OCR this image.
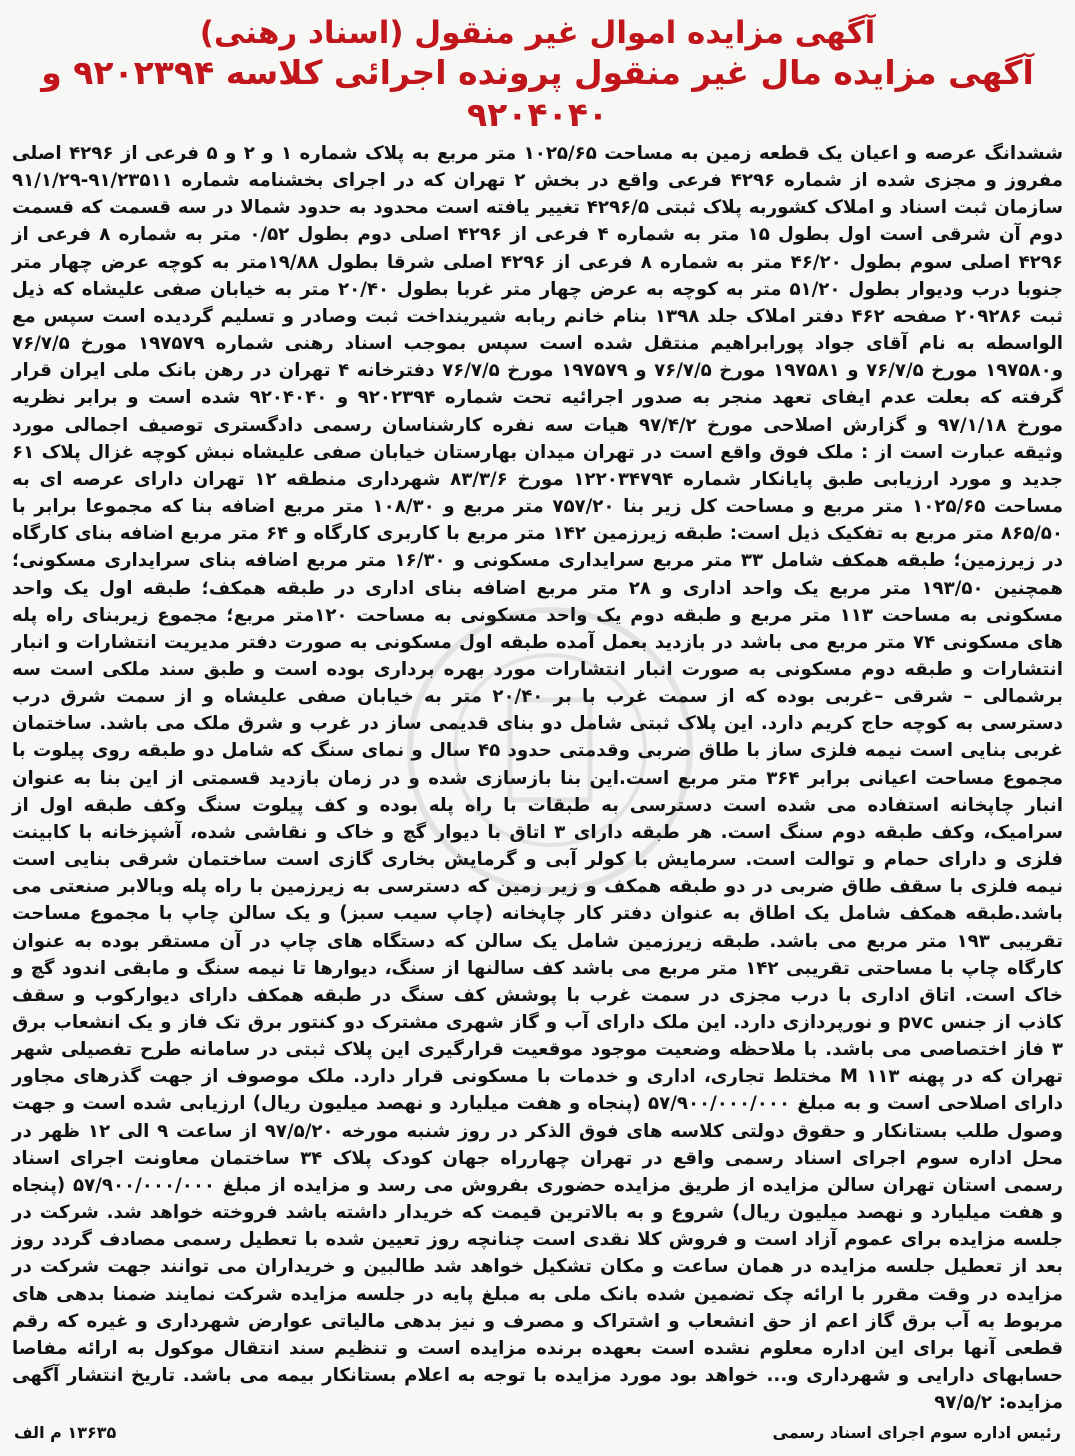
آگهی مزایده اموال غیر منقول (اسناد رهنی)
آگهی مزایده مال غیر منقول پرونده اجرائی کلاسه ۹۲۰۲۳۹۴ و ۹۲۰۴۰۴۰

ششدانگ عرصه و اعیان یک قطعه زمین به مساحت ۱۰۲۵/۶۵ متر مربع به پلاک شماره ۱ و ۲ و ۵ فرعی از ۴۲۹۶ اصلی مفروز و مجزی شده از شماره ۴۲۹۶ فرعی واقع در بخش ۲ تهران که در اجرای بخشنامه شماره ۹۱/۲۳۵۱۱-۹۱/۱/۲۹ سازمان ثبت اسناد و املاک کشوربه پلاک ثبتی ۴۲۹۶/۵ تغییر یافته است محدود به حدود شمالا در سه قسمت که قسمت دوم آن شرقی است اول بطول ۱۵ متر به شماره ۴ فرعی از ۴۲۹۶ اصلی دوم بطول ۰/۵۲ متر به شماره ۸ فرعی از ۴۲۹۶ اصلی سوم بطول ۴۶/۲۰ متر به شماره ۸ فرعی از ۴۲۹۶ اصلی شرقا بطول ۱۹/۸۸متر به کوچه عرض چهار متر جنوبا درب ودیوار بطول ۵۱/۲۰ متر به کوچه به عرض چهار متر غربا بطول ۲۰/۴۰ متر به خیابان صفی علیشاه که ذیل ثبت ۲۰۹۲۸۶ صفحه ۴۶۲ دفتر املاک جلد ۱۳۹۸ بنام خانم ربابه شیرینداخت ثبت وصادر و تسلیم گردیده است سپس مع الواسطه به نام آقای جواد پورابراهیم منتقل شده است سپس بموجب اسناد رهنی شماره ۱۹۷۵۷۹ مورخ ۷۶/۷/۵ و۱۹۷۵۸۰ مورخ ۷۶/۷/۵ و ۱۹۷۵۸۱ مورخ ۷۶/۷/۵ و ۱۹۷۵۷۹ مورخ ۷۶/۷/۵ دفترخانه ۴ تهران در رهن بانک ملی ایران قرار گرفته که بعلت عدم ایفای تعهد منجر به صدور اجرائیه تحت شماره ۹۲۰۲۳۹۴ و ۹۲۰۴۰۴۰ شده است و برابر نظریه مورخ ۹۷/۱/۱۸ و گزارش اصلاحی مورخ ۹۷/۴/۲ هیات سه نفره کارشناسان رسمی دادگستری توصیف اجمالی مورد وثیقه عبارت است از : ملک فوق واقع است در تهران میدان بهارستان خیابان صفی علیشاه نبش کوچه غزال پلاک ۶۱ جدید و مورد ارزیابی طبق پایانکار شماره ۱۲۲۰۳۴۷۹۴ مورخ ۸۳/۳/۶ شهرداری منطقه ۱۲ تهران دارای عرصه ای به مساحت ۱۰۲۵/۶۵ متر مربع و مساحت کل زیر بنا ۷۵۷/۲۰ متر مربع و ۱۰۸/۳۰ متر مربع اضافه بنا که مجموعا برابر با ۸۶۵/۵۰ متر مربع به تفکیک ذیل است: طبقه زیرزمین ۱۴۲ متر مربع با کاربری کارگاه و ۶۴ متر مربع اضافه بنای کارگاه در زیرزمین؛ طبقه همکف شامل ۳۳ متر مربع سرایداری مسکونی و ۱۶/۳۰ متر مربع اضافه بنای سرایداری مسکونی؛ همچنین ۱۹۳/۵۰ متر مربع یک واحد اداری و ۲۸ متر مربع اضافه بنای اداری در طبقه همکف؛ طبقه اول یک واحد مسکونی به مساحت ۱۱۳ متر مربع و طبقه دوم یک واحد مسکونی به مساحت ۱۲۰متر مربع؛ مجموع زیربنای راه پله های مسکونی ۷۴ متر مربع می باشد در بازدید بعمل آمده طبقه اول مسکونی به صورت دفتر مدیریت انتشارات و انبار انتشارات و طبقه دوم مسکونی به صورت انبار انتشارات مورد بهره برداری بوده است و طبق سند ملکی است سه برشمالی – شرقی –غربی بوده که از سمت غرب با بر ۲۰/۴۰ متر به خیابان صفی علیشاه و از سمت شرق درب دسترسی به کوچه حاج کریم دارد. این پلاک ثبتی شامل دو بنای قدیمی ساز در غرب و شرق ملک می باشد. ساختمان غربی بنایی است نیمه فلزی ساز با طاق ضربی وقدمتی حدود ۴۵ سال و نمای سنگ که شامل دو طبقه روی پیلوت با مجموع مساحت اعیانی برابر ۳۶۴ متر مربع است.این بنا بازسازی شده و در زمان بازدید قسمتی از این بنا به عنوان انبار چاپخانه استفاده می شده است دسترسی به طبقات با راه پله بوده و کف پیلوت سنگ وکف طبقه اول از سرامیک، وکف طبقه دوم سنگ است. هر طبقه دارای ۳ اتاق با دیوار گچ و خاک و نقاشی شده، آشپزخانه با کابینت فلزی و دارای حمام و توالت است. سرمایش با کولر آبی و گرمایش بخاری گازی است ساختمان شرقی بنایی است نیمه فلزی با سقف طاق ضربی در دو طبقه همکف و زیر زمین که دسترسی به زیرزمین با راه پله وبالابر صنعتی می باشد.طبقه همکف شامل یک اطاق به عنوان دفتر کار چاپخانه (چاپ سیب سبز) و یک سالن چاپ با مجموع مساحت تقریبی ۱۹۳ متر مربع می باشد. طبقه زیرزمین شامل یک سالن که دستگاه های چاپ در آن مستقر بوده به عنوان کارگاه چاپ با مساحتی تقریبی ۱۴۲ متر مربع می باشد کف سالنها از سنگ، دیوارها تا نیمه سنگ و مابقی اندود گچ و خاک است. اتاق اداری با درب مجزی در سمت غرب با پوشش کف سنگ در طبقه همکف دارای دیوارکوب و سقف کاذب از جنس pvc و نورپردازی دارد. این ملک دارای آب و گاز شهری مشترک دو کنتور برق تک فاز و یک انشعاب برق ۳ فاز اختصاصی می باشد. با ملاحظه وضعیت موجود موقعیت قرارگیری این پلاک ثبتی در سامانه طرح تفصیلی شهر تهران که در پهنه M ۱۱۳ مختلط تجاری، اداری و خدمات با مسکونی قرار دارد. ملک موصوف از جهت گذرهای مجاور دارای اصلاحی است و به مبلغ ۵۷/۹۰۰/۰۰۰/۰۰۰ (پنجاه و هفت میلیارد و نهصد میلیون ریال) ارزیابی شده است و جهت وصول طلب بستانکار و حقوق دولتی کلاسه های فوق الذکر در روز شنبه مورخه ۹۷/۵/۲۰ از ساعت ۹ الی ۱۲ ظهر در محل اداره سوم اجرای اسناد رسمی واقع در تهران چهارراه جهان کودک پلاک ۳۴ ساختمان معاونت اجرای اسناد رسمی استان تهران سالن مزایده از طریق مزایده حضوری بفروش می رسد و مزایده از مبلغ ۵۷/۹۰۰/۰۰۰/۰۰۰ (پنجاه و هفت میلیارد و نهصد میلیون ریال) شروع و به بالاترین قیمت که خریدار داشته باشد فروخته خواهد شد. شرکت در جلسه مزایده برای عموم آزاد است و فروش کلا نقدی است چنانچه روز تعیین شده با تعطیل رسمی مصادف گردد روز بعد از تعطیل جلسه مزایده در همان ساعت و مکان تشکیل خواهد شد طالبین و خریداران می توانند جهت شرکت در مزایده در وقت مقرر با ارائه چک تضمین شده بانک ملی به مبلغ پایه در جلسه مزایده شرکت نمایند ضمنا بدهی های مربوط به آب برق گاز اعم از حق انشعاب و اشتراک و مصرف و نیز بدهی مالیاتی عوارض شهرداری و غیره که رقم قطعی آنها برای این اداره معلوم نشده است بعهده برنده مزایده است و تنظیم سند انتقال موکول به ارائه مفاصا حسابهای دارایی و شهرداری و... خواهد بود مورد مزایده با توجه به اعلام بستانکار بیمه می باشد. تاریخ انتشار آگهی مزایده: ۹۷/۵/۲

رئیس اداره سوم اجرای اسناد رسمی
۱۳۶۳۵ م الف
